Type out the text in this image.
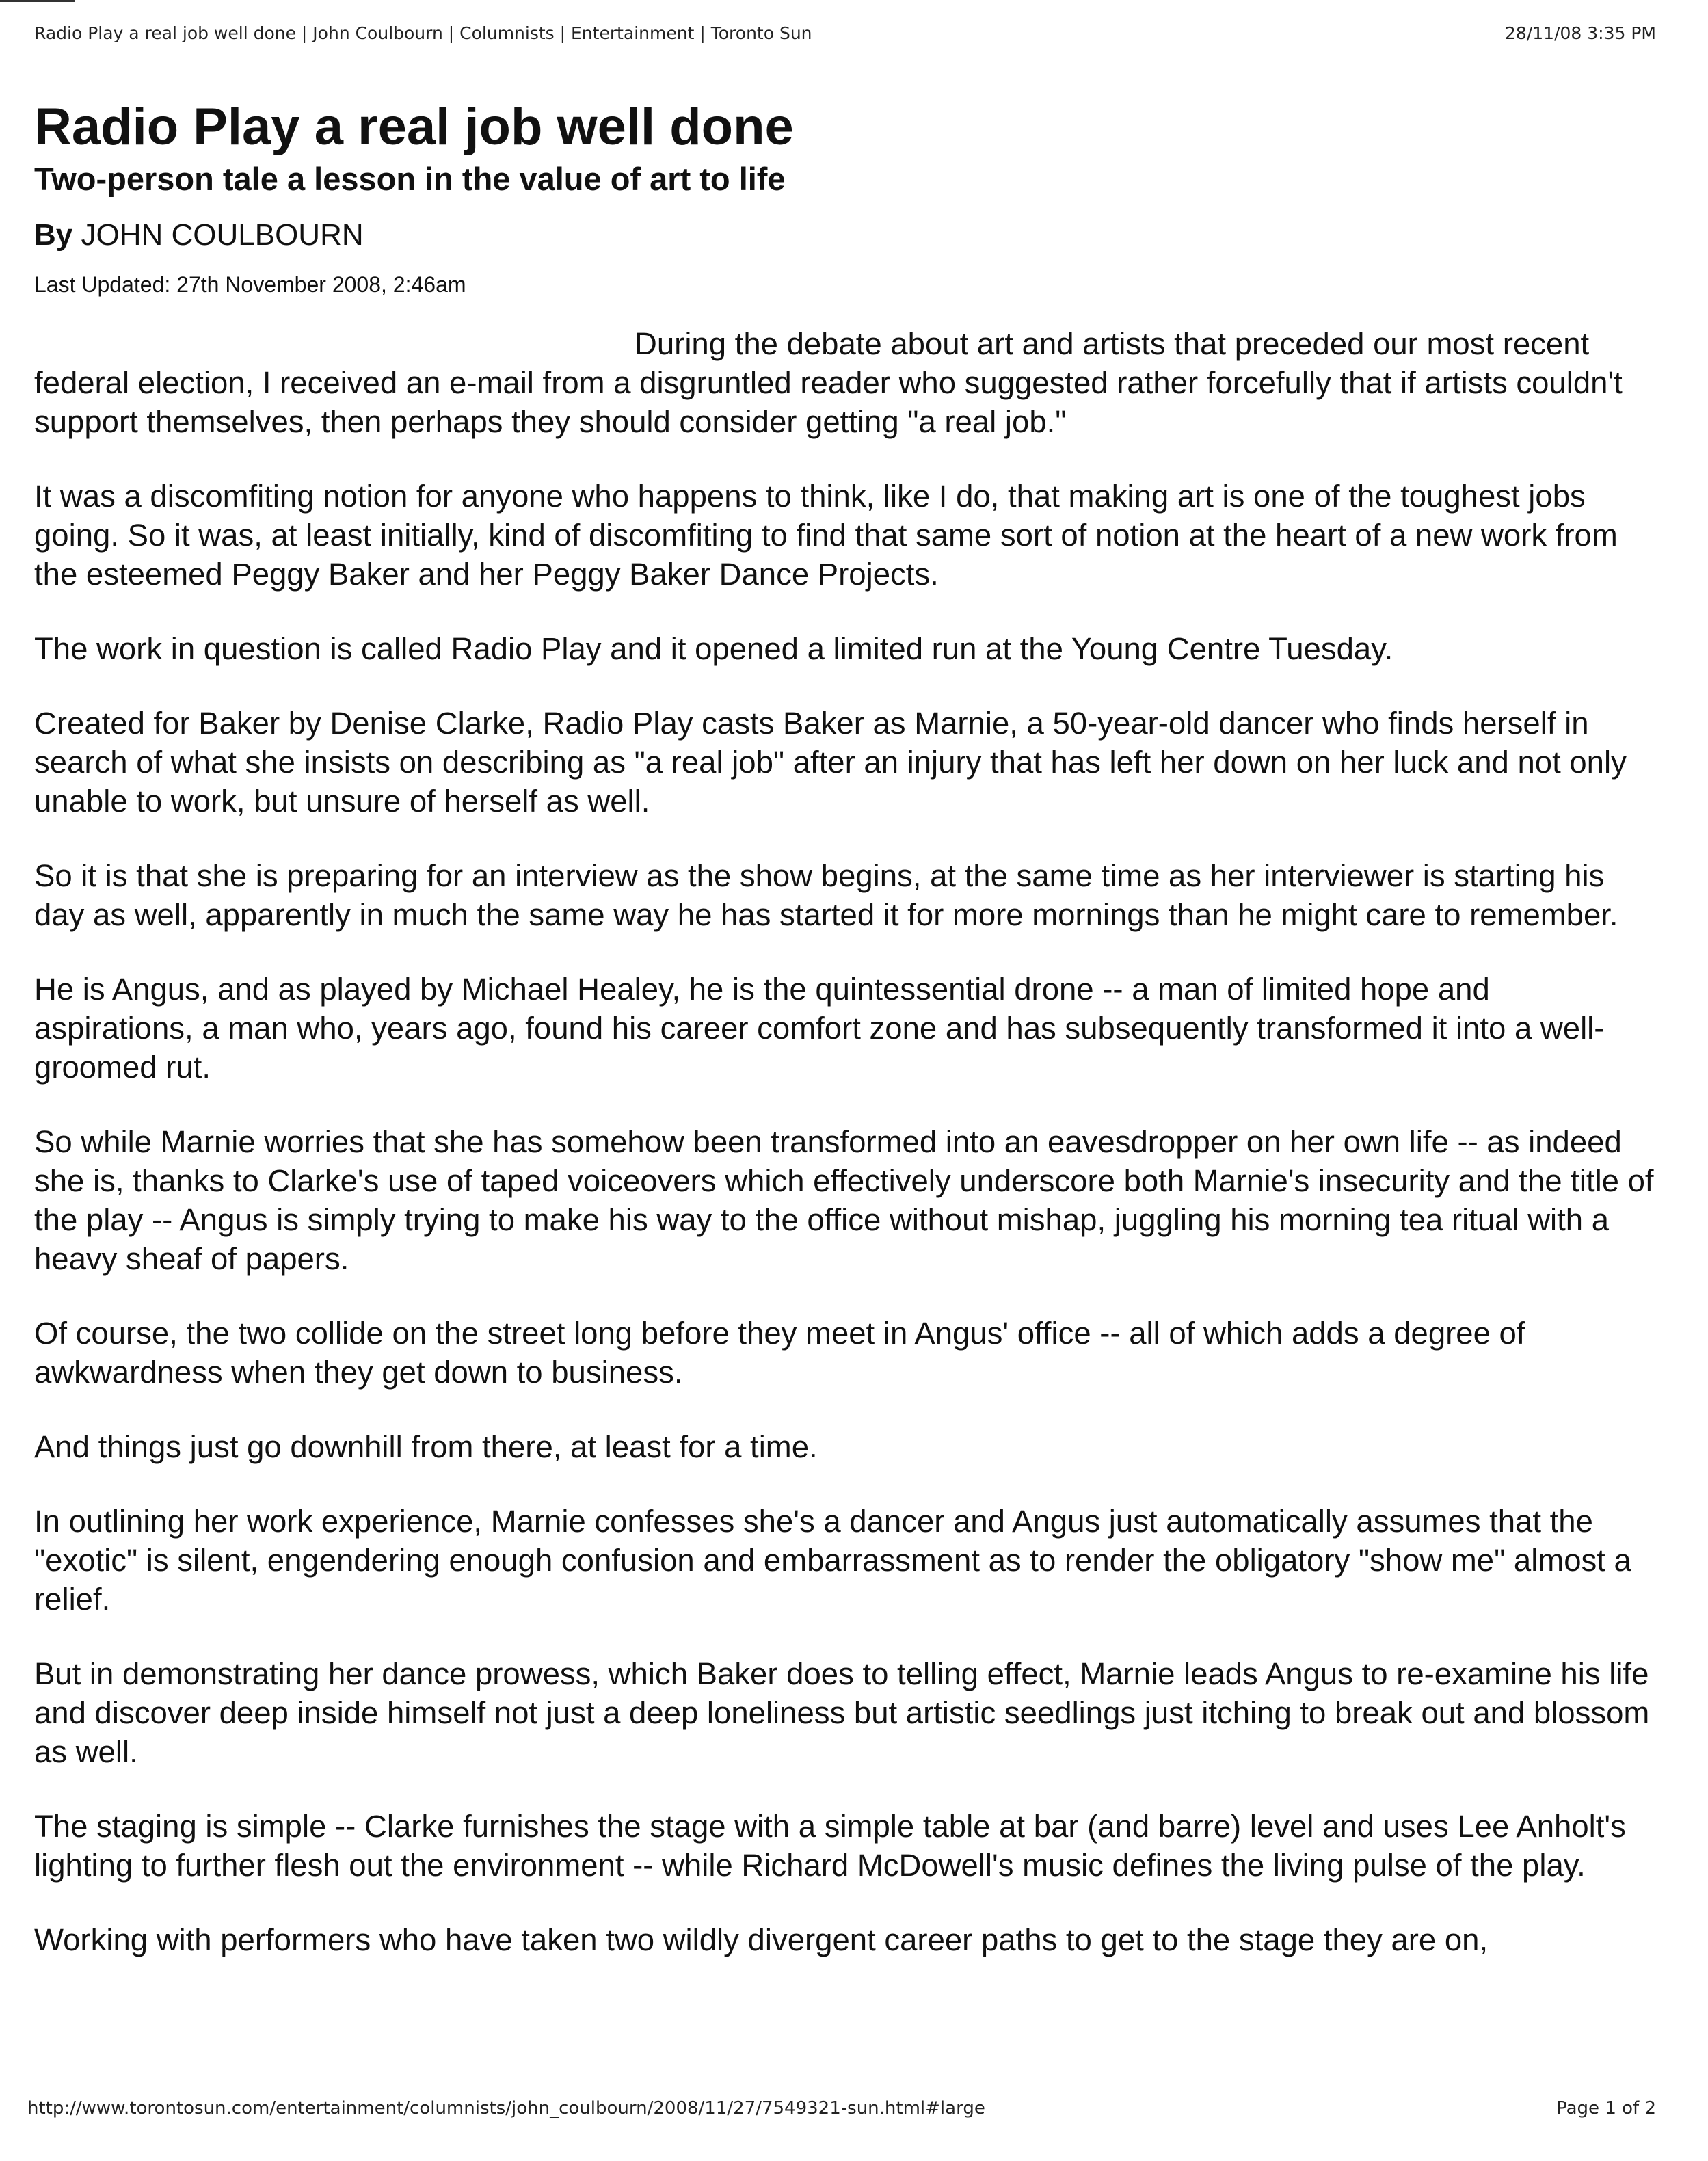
Radio Play a real job well done | John Coulbourn | Columnists | Entertainment | Toronto Sun	28/11/08 3:35 PM
Radio Play a real job well done
Two-person tale a lesson in the value of art to life
By JOHN COULBOURN
Last Updated: 27th November 2008, 2:46am

During the debate about art and artists that preceded our most recent federal election, I received an e-mail from a disgruntled reader who suggested rather forcefully that if artists couldn't support themselves, then perhaps they should consider getting "a real job."

It was a discomfiting notion for anyone who happens to think, like I do, that making art is one of the toughest jobs going. So it was, at least initially, kind of discomfiting to find that same sort of notion at the heart of a new work from the esteemed Peggy Baker and her Peggy Baker Dance Projects.

The work in question is called Radio Play and it opened a limited run at the Young Centre Tuesday.

Created for Baker by Denise Clarke, Radio Play casts Baker as Marnie, a 50-year-old dancer who finds herself in search of what she insists on describing as "a real job" after an injury that has left her down on her luck and not only unable to work, but unsure of herself as well.

So it is that she is preparing for an interview as the show begins, at the same time as her interviewer is starting his day as well, apparently in much the same way he has started it for more mornings than he might care to remember.

He is Angus, and as played by Michael Healey, he is the quintessential drone -- a man of limited hope and aspirations, a man who, years ago, found his career comfort zone and has subsequently transformed it into a well-groomed rut.

So while Marnie worries that she has somehow been transformed into an eavesdropper on her own life -- as indeed she is, thanks to Clarke's use of taped voiceovers which effectively underscore both Marnie's insecurity and the title of the play -- Angus is simply trying to make his way to the office without mishap, juggling his morning tea ritual with a heavy sheaf of papers.

Of course, the two collide on the street long before they meet in Angus' office -- all of which adds a degree of awkwardness when they get down to business.

And things just go downhill from there, at least for a time.

In outlining her work experience, Marnie confesses she's a dancer and Angus just automatically assumes that the "exotic" is silent, engendering enough confusion and embarrassment as to render the obligatory "show me" almost a relief.

But in demonstrating her dance prowess, which Baker does to telling effect, Marnie leads Angus to re-examine his life and discover deep inside himself not just a deep loneliness but artistic seedlings just itching to break out and blossom as well.

The staging is simple -- Clarke furnishes the stage with a simple table at bar (and barre) level and uses Lee Anholt's lighting to further flesh out the environment -- while Richard McDowell's music defines the living pulse of the play.

Working with performers who have taken two wildly divergent career paths to get to the stage they are on,

http://www.torontosun.com/entertainment/columnists/john_coulbourn/2008/11/27/7549321-sun.html#large	Page 1 of 2
